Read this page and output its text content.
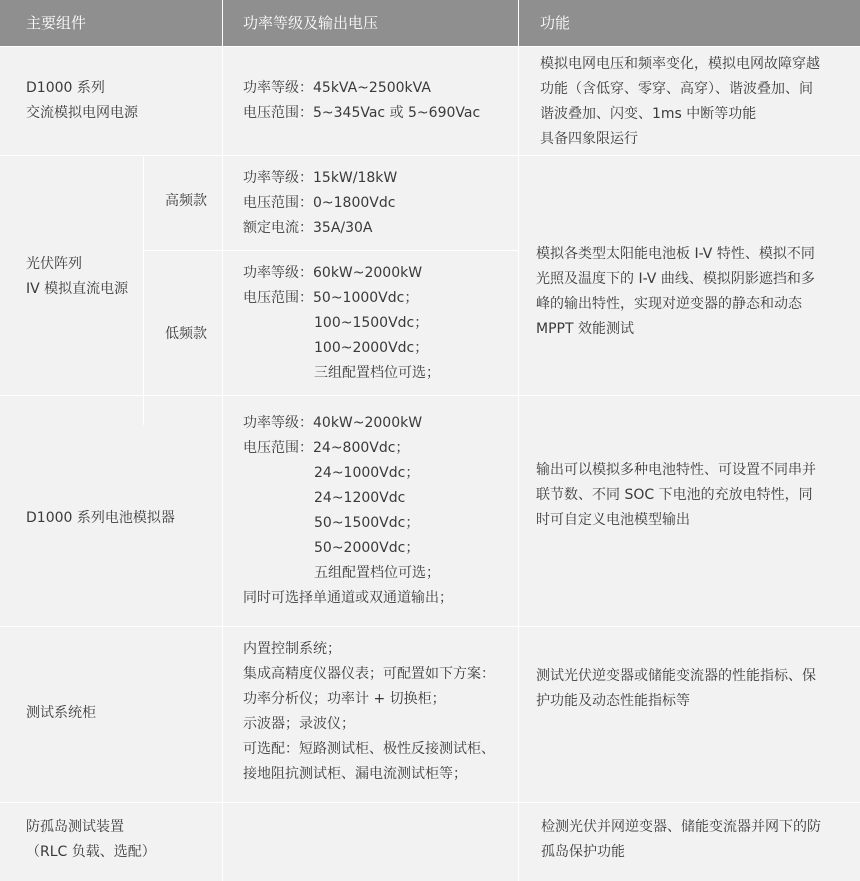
主要组件	功率等级及输出电压	功能
D1000 系列
交流模拟电网电源
功率等级：45kVA~2500kVA
电压范围：5~345Vac 或 5~690Vac
模拟电网电压和频率变化，模拟电网故障穿越
功能（含低穿、零穿、高穿）、谐波叠加、间
谐波叠加、闪变、1ms 中断等功能
具备四象限运行
光伏阵列
IV 模拟直流电源
高频款
功率等级：15kW/18kW
电压范围：0~1800Vdc
额定电流：35A/30A
低频款
功率等级：60kW~2000kW
电压范围：50~1000Vdc；
100~1500Vdc；
100~2000Vdc；
三组配置档位可选；
模拟各类型太阳能电池板 I-V 特性、模拟不同
光照及温度下的 I-V 曲线、模拟阴影遮挡和多
峰的输出特性，实现对逆变器的静态和动态
MPPT 效能测试
D1000 系列电池模拟器
功率等级：40kW~2000kW
电压范围：24~800Vdc；
24~1000Vdc；
24~1200Vdc
50~1500Vdc；
50~2000Vdc；
五组配置档位可选；
同时可选择单通道或双通道输出；
输出可以模拟多种电池特性、可设置不同串并
联节数、不同 SOC 下电池的充放电特性，同
时可自定义电池模型输出
测试系统柜
内置控制系统；
集成高精度仪器仪表；可配置如下方案：
功率分析仪；功率计 + 切换柜；
示波器；录波仪；
可选配：短路测试柜、极性反接测试柜、
接地阻抗测试柜、漏电流测试柜等；
测试光伏逆变器或储能变流器的性能指标、保
护功能及动态性能指标等
防孤岛测试装置
（RLC 负载、选配）
检测光伏并网逆变器、储能变流器并网下的防
孤岛保护功能
